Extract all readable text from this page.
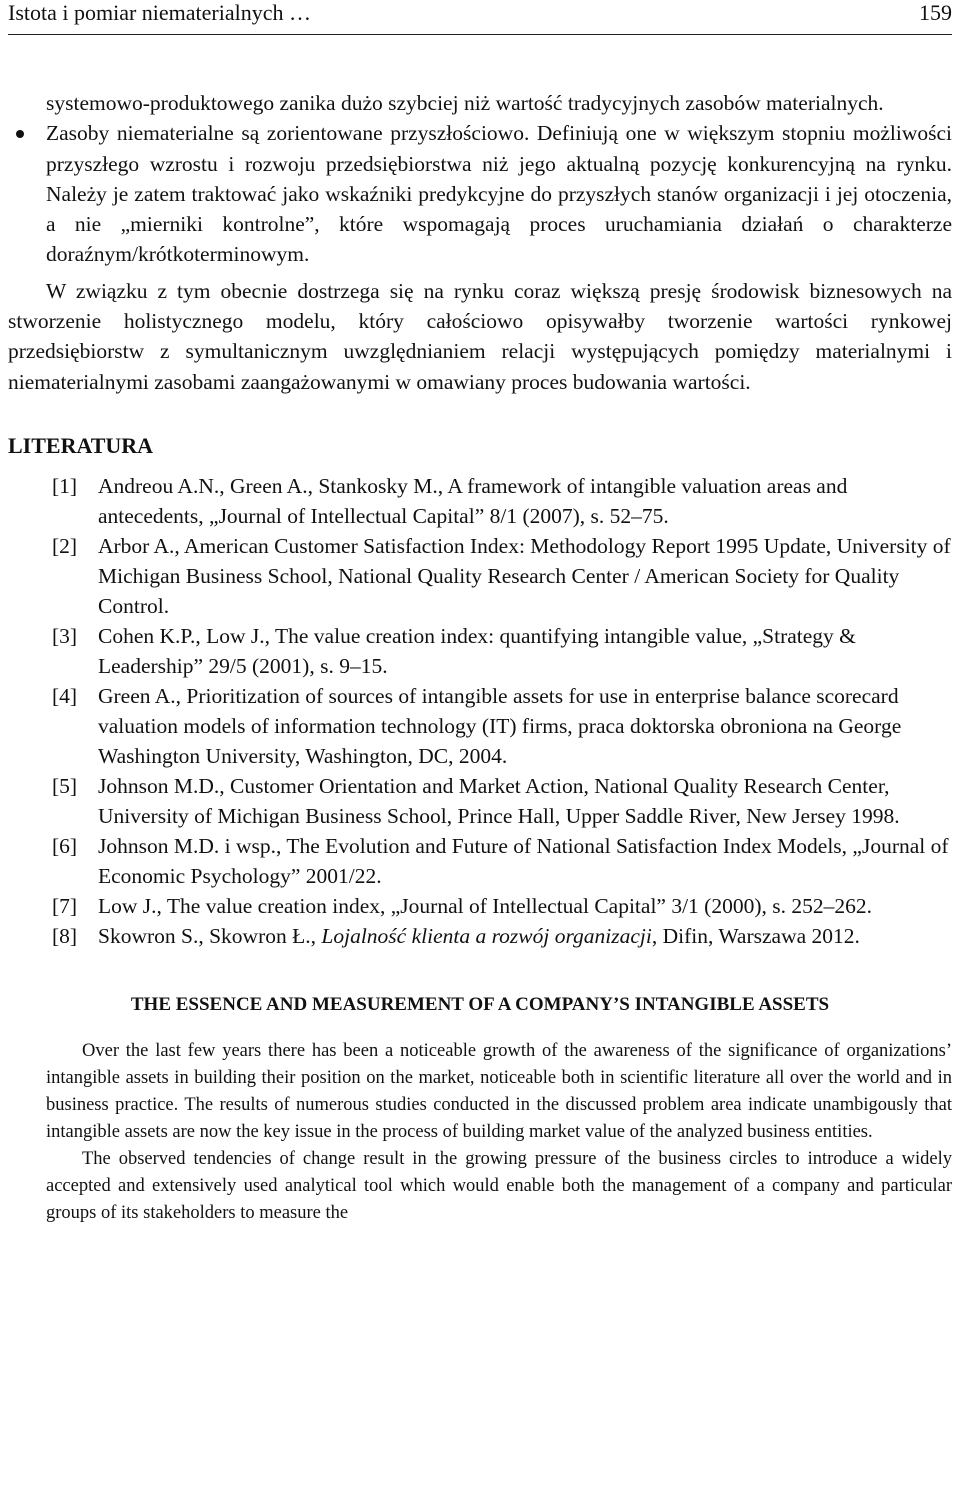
Istota i pomiar niematerialnych …	159

systemowo-produktowego zanika dużo szybciej niż wartość tradycyjnych zasobów materialnych.

Zasoby niematerialne są zorientowane przyszłościowo. Definiują one w większym stopniu możliwości przyszłego wzrostu i rozwoju przedsiębiorstwa niż jego aktualną pozycję konkurencyjną na rynku. Należy je zatem traktować jako wskaźniki predykcyjne do przyszłych stanów organizacji i jej otoczenia, a nie „mierniki kontrolne”, które wspomagają proces uruchamiania działań o charakterze doraźnym/krótkoterminowym.

W związku z tym obecnie dostrzega się na rynku coraz większą presję środowisk biznesowych na stworzenie holistycznego modelu, który całościowo opisywałby tworzenie wartości rynkowej przedsiębiorstw z symultanicznym uwzględnianiem relacji występujących pomiędzy materialnymi i niematerialnymi zasobami zaangażowanymi w omawiany proces budowania wartości.

LITERATURA
[1] Andreou A.N., Green A., Stankosky M., A framework of intangible valuation areas and antecedents, „Journal of Intellectual Capital” 8/1 (2007), s. 52–75.
[2] Arbor A., American Customer Satisfaction Index: Methodology Report 1995 Update, University of Michigan Business School, National Quality Research Center / American Society for Quality Control.
[3] Cohen K.P., Low J., The value creation index: quantifying intangible value, „Strategy & Leadership” 29/5 (2001), s. 9–15.
[4] Green A., Prioritization of sources of intangible assets for use in enterprise balance scorecard valuation models of information technology (IT) firms, praca doktorska obroniona na George Washington University, Washington, DC, 2004.
[5] Johnson M.D., Customer Orientation and Market Action, National Quality Research Center, University of Michigan Business School, Prince Hall, Upper Saddle River, New Jersey 1998.
[6] Johnson M.D. i wsp., The Evolution and Future of National Satisfaction Index Models, „Journal of Economic Psychology” 2001/22.
[7] Low J., The value creation index, „Journal of Intellectual Capital” 3/1 (2000), s. 252–262.
[8] Skowron S., Skowron Ł., Lojalność klienta a rozwój organizacji, Difin, Warszawa 2012.
THE ESSENCE AND MEASUREMENT OF A COMPANY’S INTANGIBLE ASSETS

Over the last few years there has been a noticeable growth of the awareness of the significance of organizations’ intangible assets in building their position on the market, noticeable both in scientific literature all over the world and in business practice. The results of numerous studies conducted in the discussed problem area indicate unambigously that intangible assets are now the key issue in the process of building market value of the analyzed business entities.

The observed tendencies of change result in the growing pressure of the business circles to introduce a widely accepted and extensively used analytical tool which would enable both the management of a company and particular groups of its stakeholders to measure the
